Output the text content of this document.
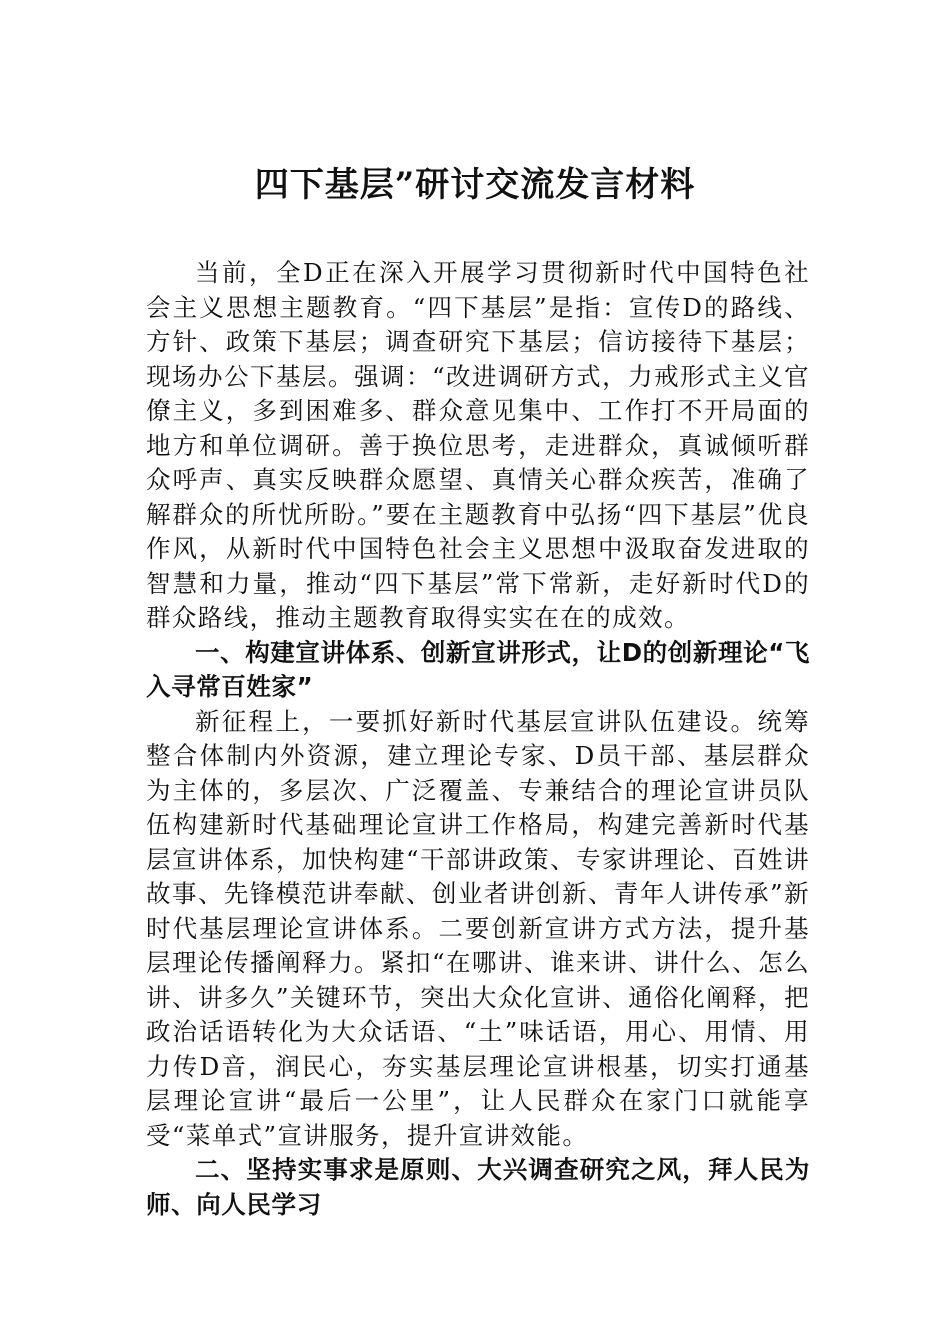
四下基层”研讨交流发言材料

当前，全D正在深入开展学习贯彻新时代中国特色社会主义思想主题教育。“四下基层”是指：宣传D的路线、方针、政策下基层；调查研究下基层；信访接待下基层；现场办公下基层。强调：“改进调研方式，力戒形式主义官僚主义，多到困难多、群众意见集中、工作打不开局面的地方和单位调研。善于换位思考，走进群众，真诚倾听群众呼声、真实反映群众愿望、真情关心群众疾苦，准确了解群众的所忧所盼。”要在主题教育中弘扬“四下基层”优良作风，从新时代中国特色社会主义思想中汲取奋发进取的智慧和力量，推动“四下基层”常下常新，走好新时代D的群众路线，推动主题教育取得实实在在的成效。

一、构建宣讲体系、创新宣讲形式，让D的创新理论“飞入寻常百姓家”

新征程上，一要抓好新时代基层宣讲队伍建设。统筹整合体制内外资源，建立理论专家、D员干部、基层群众为主体的，多层次、广泛覆盖、专兼结合的理论宣讲员队伍构建新时代基础理论宣讲工作格局，构建完善新时代基层宣讲体系，加快构建“干部讲政策、专家讲理论、百姓讲故事、先锋模范讲奉献、创业者讲创新、青年人讲传承”新时代基层理论宣讲体系。二要创新宣讲方式方法，提升基层理论传播阐释力。紧扣“在哪讲、谁来讲、讲什么、怎么讲、讲多久”关键环节，突出大众化宣讲、通俗化阐释，把政治话语转化为大众话语、“土”味话语，用心、用情、用力传D音，润民心，夯实基层理论宣讲根基，切实打通基层理论宣讲“最后一公里”，让人民群众在家门口就能享受“菜单式”宣讲服务，提升宣讲效能。

二、坚持实事求是原则、大兴调查研究之风，拜人民为师、向人民学习
